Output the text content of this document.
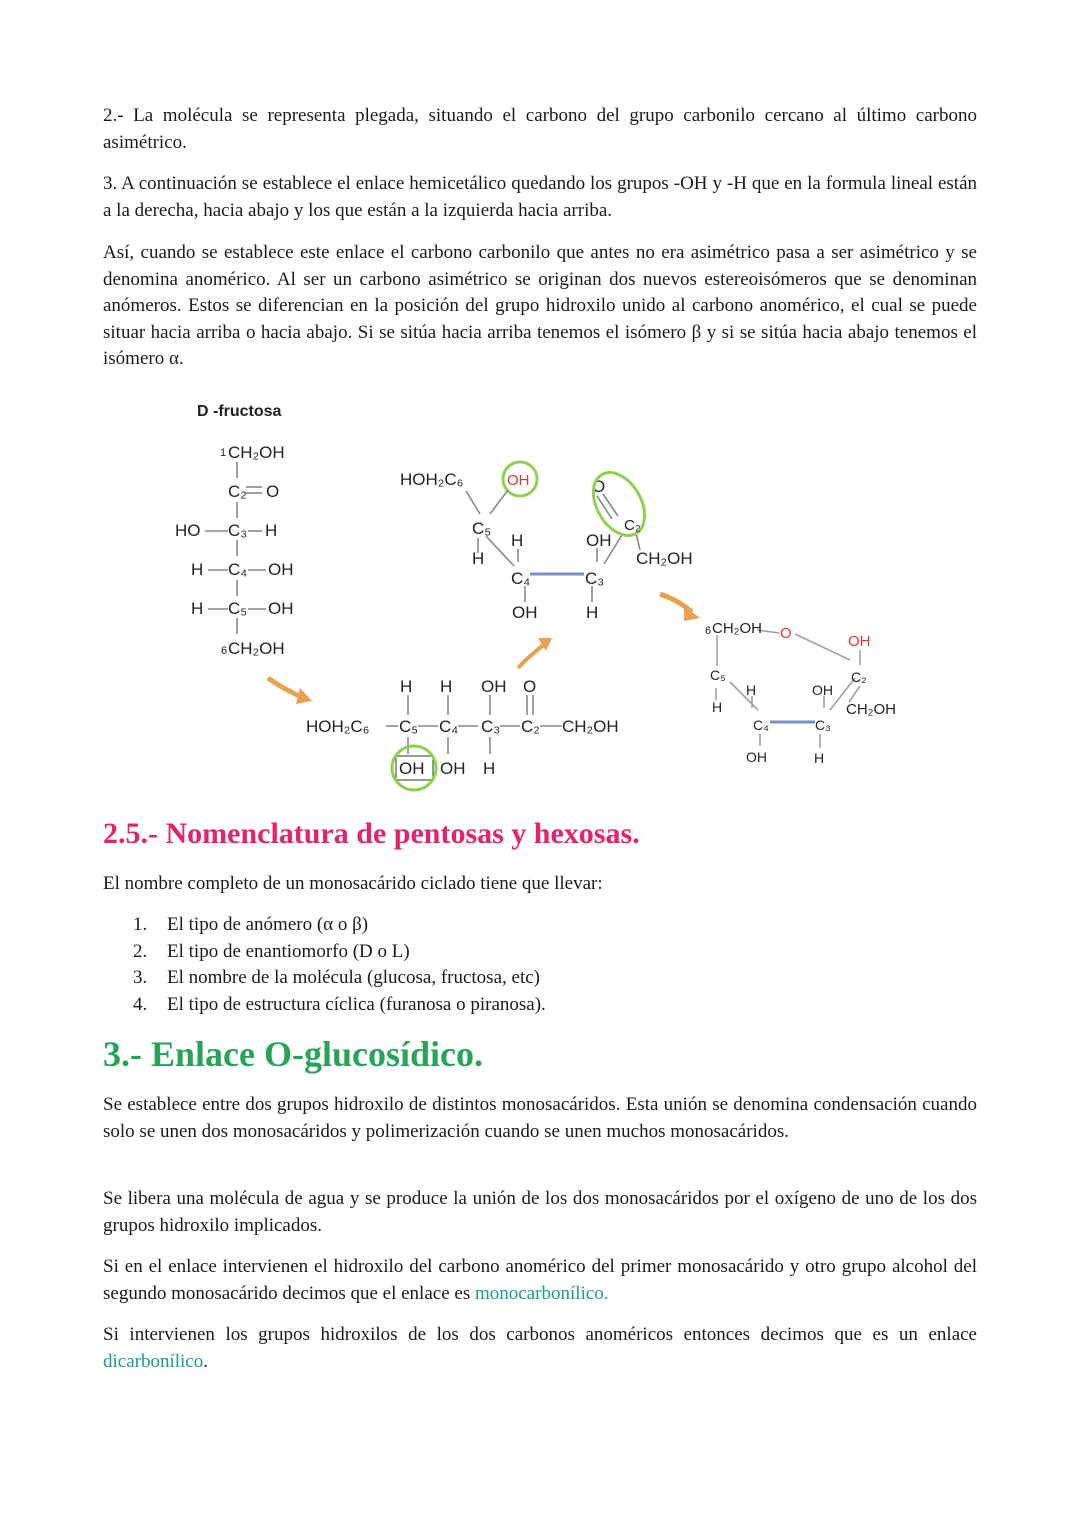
2.- La molécula se representa plegada, situando el carbono del grupo carbonilo cercano al último carbono asimétrico.

3. A continuación se establece el enlace hemicetálico quedando los grupos -OH y -H que en la formula lineal están a la derecha, hacia abajo y los que están a la izquierda hacia arriba.

Así, cuando se establece este enlace el carbono carbonilo que antes no era asimétrico pasa a ser asimétrico y se denomina anomérico. Al ser un carbono asimétrico se originan dos nuevos estereoisómeros que se denominan anómeros. Estos se diferencian en la posición del grupo hidroxilo unido al carbono anomérico, el cual se puede situar hacia arriba o hacia abajo. Si se sitúa hacia arriba tenemos el isómero β y si se sitúa hacia abajo tenemos el isómero α.

D -fructosa
1 CH₂OH
C₂ O
HO C₃ H
H C₄ OH
H C₅ OH
6 CH₂OH
H H OH O
HOH₂C₆ C₅ C₄ C₃ C₂ CH₂OH
OH OH H
HOH₂C₆	OH
C₅
H
H
C₄
OH
OH
C₃
H
O
C₂
CH₂OH
6 CH₂OH O	OH
C₂
CH₂OH
C₅
H
H
C₄
OH
OH
C₃
H
2.5.- Nomenclatura de pentosas y hexosas.

El nombre completo de un monosacárido ciclado tiene que llevar:

1. El tipo de anómero (α o β)
2. El tipo de enantiomorfo (D o L)
3. El nombre de la molécula (glucosa, fructosa, etc)
4. El tipo de estructura cíclica (furanosa o piranosa).
3.- Enlace O-glucosídico.

Se establece entre dos grupos hidroxilo de distintos monosacáridos. Esta unión se denomina condensación cuando solo se unen dos monosacáridos y polimerización cuando se unen muchos monosacáridos.

Se libera una molécula de agua y se produce la unión de los dos monosacáridos por el oxígeno de uno de los dos grupos hidroxilo implicados.

Si en el enlace intervienen el hidroxilo del carbono anomérico del primer monosacárido y otro grupo alcohol del segundo monosacárido decimos que el enlace es monocarbonílico.

Si intervienen los grupos hidroxilos de los dos carbonos anoméricos entonces decimos que es un enlace dicarbonílico.
